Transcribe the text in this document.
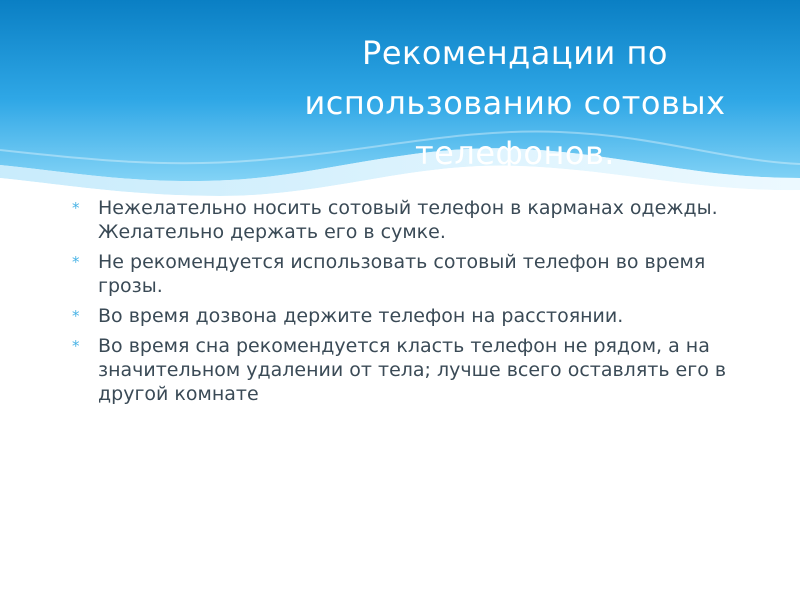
Рекомендации по использованию сотовых телефонов.
* Нежелательно носить сотовый телефон в карманах одежды. Желательно держать его в сумке.
* Не рекомендуется использовать сотовый телефон во время грозы.
* Во время дозвона держите телефон на расстоянии.
* Во время сна рекомендуется класть телефон не рядом, а на значительном удалении от тела; лучше всего оставлять его в другой комнате
